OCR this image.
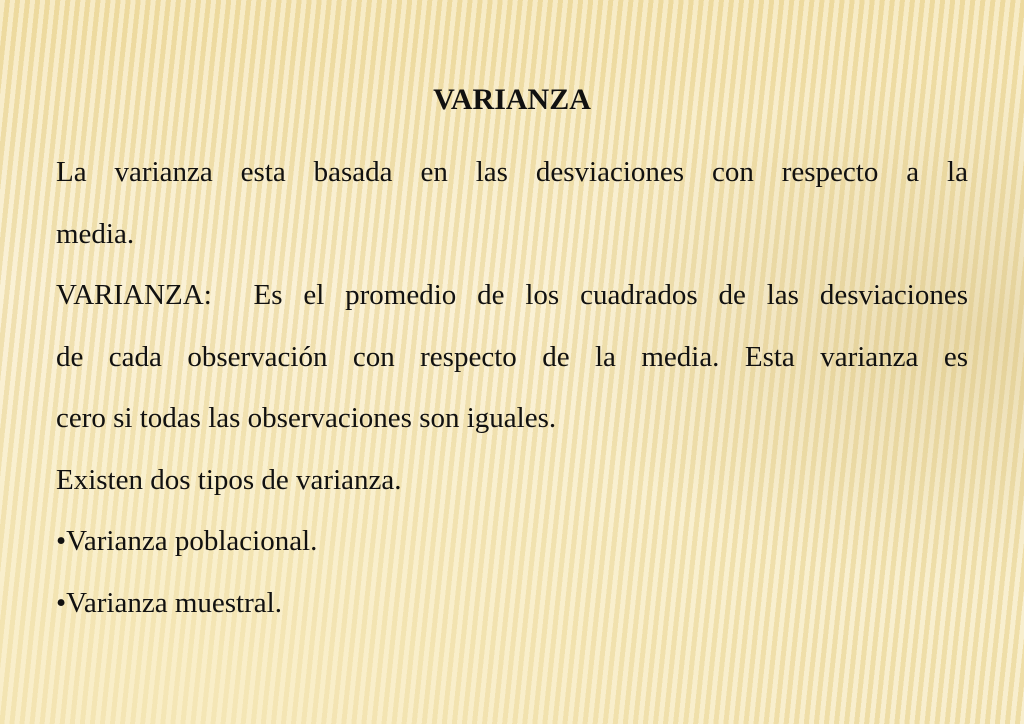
VARIANZA
La varianza esta basada en las desviaciones con respecto a la
media.
VARIANZA:  Es el promedio de los cuadrados de las desviaciones
de cada observación con respecto de la media. Esta varianza es
cero si todas las observaciones son iguales.
Existen dos tipos de varianza.
•Varianza poblacional.
•Varianza muestral.
